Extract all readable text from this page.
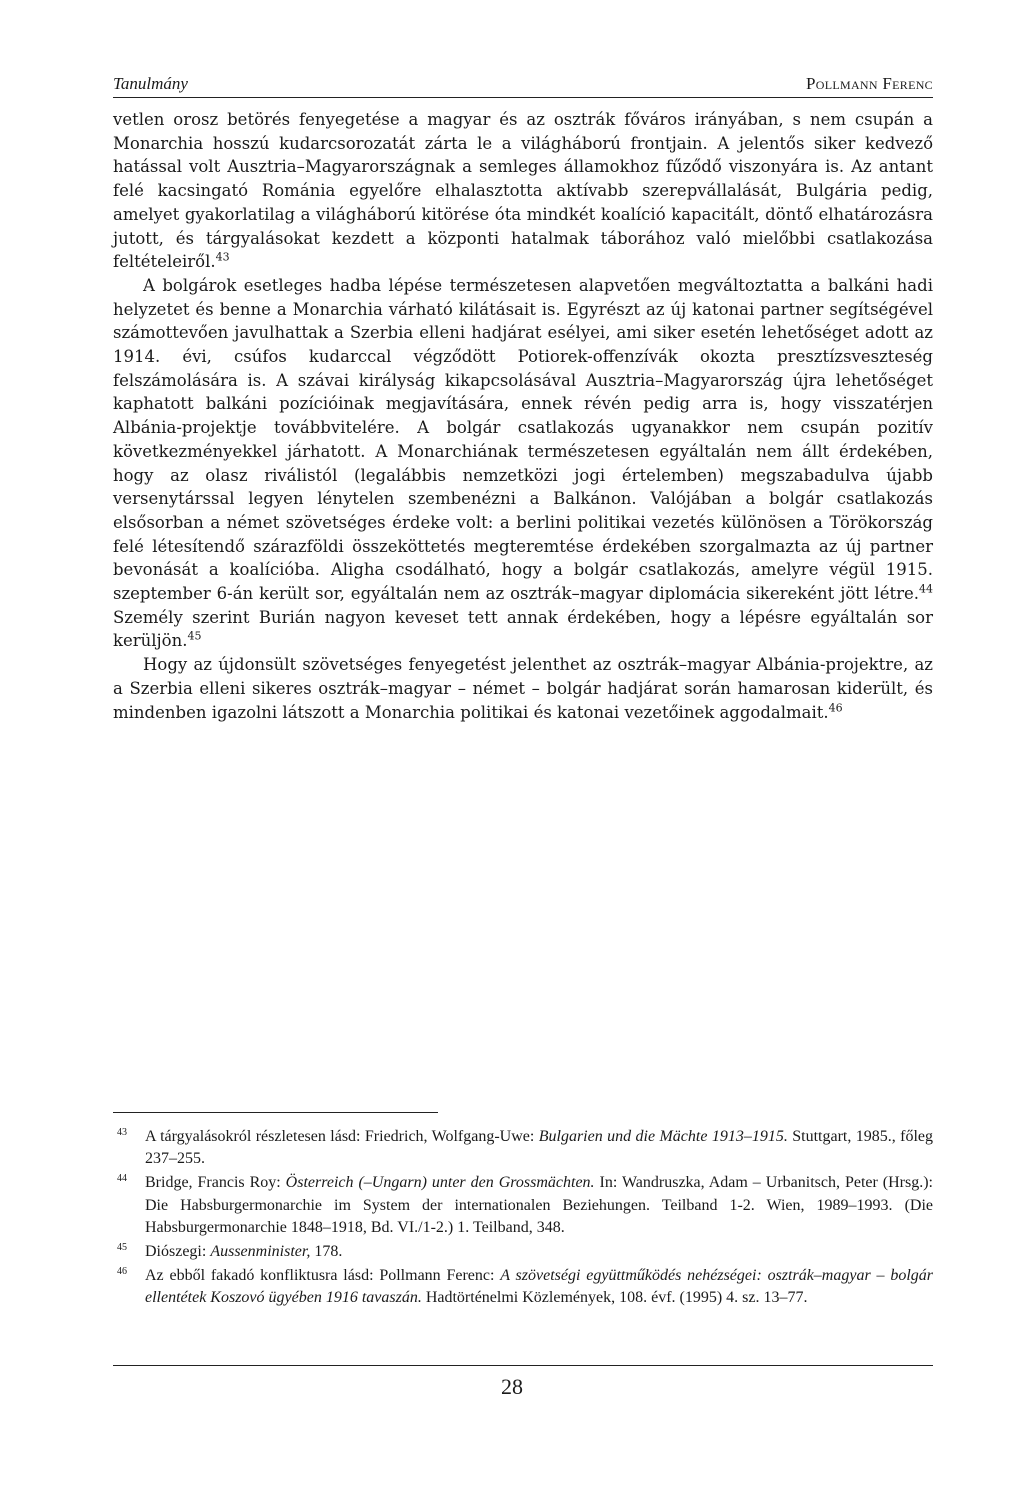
Tanulmány	Pollmann Ferenc

vetlen orosz betörés fenyegetése a magyar és az osztrák főváros irányában, s nem csupán a Monarchia hosszú kudarcsorozatát zárta le a világháború frontjain. A jelentős siker kedvező hatással volt Ausztria–Magyarországnak a semleges államokhoz fűződő viszonyára is. Az antant felé kacsingató Románia egyelőre elhalasztotta aktívabb szerepvállalását, Bulgária pedig, amelyet gyakorlatilag a világháború kitörése óta mindkét koalíció kapacitált, döntő elhatározásra jutott, és tárgyalásokat kezdett a központi hatalmak táborához való mielőbbi csatlakozása feltételeiről.$^{43}$

A bolgárok esetleges hadba lépése természetesen alapvetően megváltoztatta a balkáni hadi helyzetet és benne a Monarchia várható kilátásait is. Egyrészt az új katonai partner segítségével számottevően javulhattak a Szerbia elleni hadjárat esélyei, ami siker esetén lehetőséget adott az 1914. évi, csúfos kudarccal végződött Potiorek-offenzívák okozta presztízsveszteség felszámolására is. A szávai királyság kikapcsolásával Ausztria–Magyarország újra lehetőséget kaphatott balkáni pozícióinak megjavítására, ennek révén pedig arra is, hogy visszatérjen Albánia-projektje továbbvitelére. A bolgár csatlakozás ugyanakkor nem csupán pozitív következményekkel járhatott. A Monarchiának természetesen egyáltalán nem állt érdekében, hogy az olasz riválistól (legalábbis nemzetközi jogi értelemben) megszabadulva újabb versenytárssal legyen lénytelen szembenézni a Balkánon. Valójában a bolgár csatlakozás elsősorban a német szövetséges érdeke volt: a berlini politikai vezetés különösen a Törökország felé létesítendő szárazföldi összeköttetés megteremtése érdekében szorgalmazta az új partner bevonását a koalícióba. Aligha csodálható, hogy a bolgár csatlakozás, amelyre végül 1915. szeptember 6-án került sor, egyáltalán nem az osztrák–magyar diplomácia sikereként jött létre.$^{44}$ Személy szerint Burián nagyon keveset tett annak érdekében, hogy a lépésre egyáltalán sor kerüljön.$^{45}$

Hogy az újdonsült szövetséges fenyegetést jelenthet az osztrák–magyar Albánia-projektre, az a Szerbia elleni sikeres osztrák–magyar – német – bolgár hadjárat során hamarosan kiderült, és mindenben igazolni látszott a Monarchia politikai és katonai vezetőinek aggodalmait.$^{46}$

43	A tárgyalásokról részletesen lásd: Friedrich, Wolfgang-Uwe: Bulgarien und die Mächte 1913–1915. Stuttgart, 1985., főleg 237–255.
44	Bridge, Francis Roy: Österreich (–Ungarn) unter den Grossmächten. In: Wandruszka, Adam – Urbanitsch, Peter (Hrsg.): Die Habsburgermonarchie im System der internationalen Beziehungen. Teilband 1-2. Wien, 1989–1993. (Die Habsburgermonarchie 1848–1918, Bd. VI./1-2.) 1. Teilband, 348.
45	Diószegi: Aussenminister, 178.
46	Az ebből fakadó konfliktusra lásd: Pollmann Ferenc: A szövetségi együttműködés nehézségei: osztrák–magyar – bolgár ellentétek Koszovó ügyében 1916 tavaszán. Hadtörténelmi Közlemények, 108. évf. (1995) 4. sz. 13–77.
28
